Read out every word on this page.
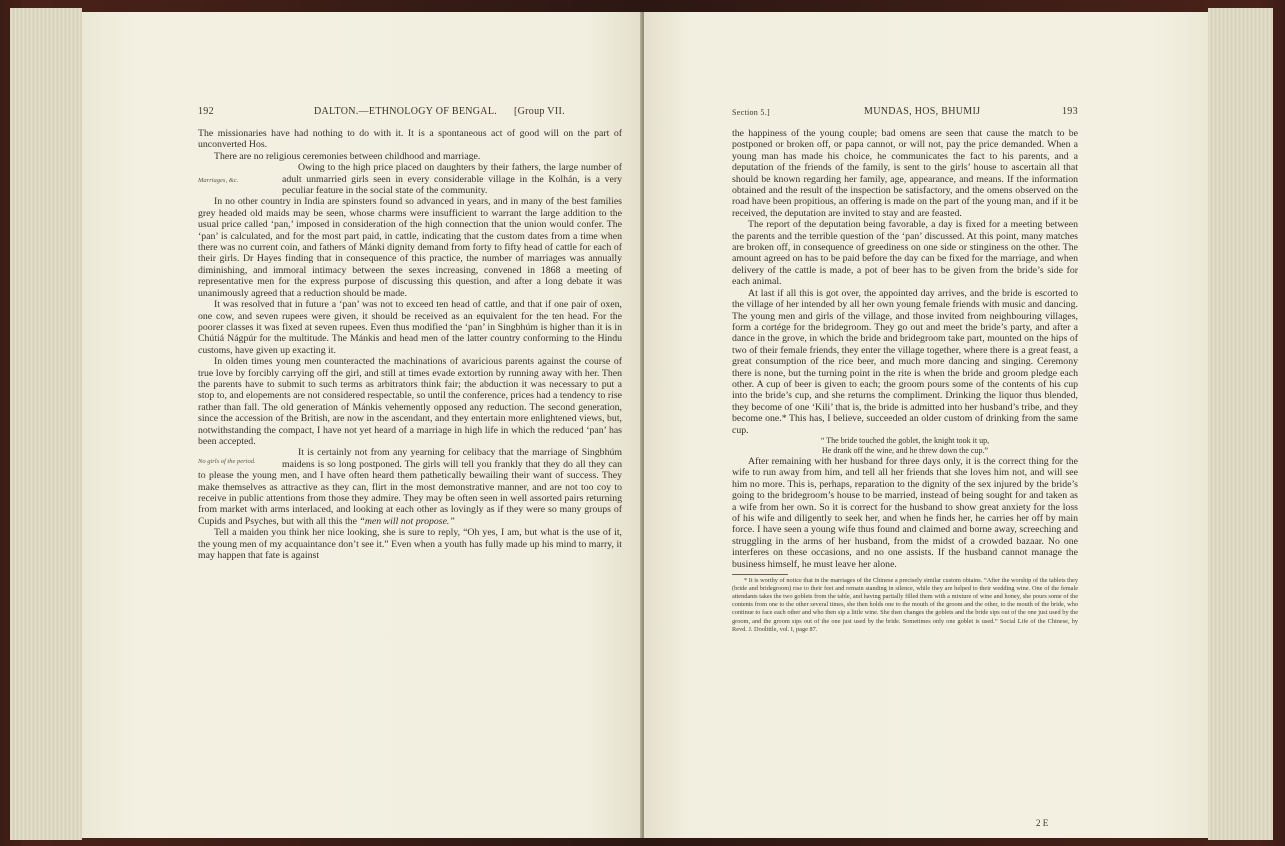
192	DALTON.—ETHNOLOGY OF BENGAL. [Group VII.

The missionaries have had nothing to do with it. It is a spontaneous act of good will on the part of unconverted Hos.

There are no religious ceremonies between childhood and marriage.

Marriages, &c.

Owing to the high price placed on daughters by their fathers, the large number of adult unmarried girls seen in every considerable village in the Kolhán, is a very peculiar feature in the social state of the community.

In no other country in India are spinsters found so advanced in years, and in many of the best families grey headed old maids may be seen, whose charms were insufficient to warrant the large addition to the usual price called ‘pan,’ imposed in consideration of the high connection that the union would confer. The ‘pan’ is calculated, and for the most part paid, in cattle, indicating that the custom dates from a time when there was no current coin, and fathers of Mánki dignity demand from forty to fifty head of cattle for each of their girls. Dr Hayes finding that in consequence of this practice, the number of marriages was annually diminishing, and immoral intimacy between the sexes increasing, convened in 1868 a meeting of representative men for the express purpose of discussing this question, and after a long debate it was unanimously agreed that a reduction should be made.

It was resolved that in future a ‘pan’ was not to exceed ten head of cattle, and that if one pair of oxen, one cow, and seven rupees were given, it should be received as an equivalent for the ten head. For the poorer classes it was fixed at seven rupees. Even thus modified the ‘pan’ in Singbhúm is higher than it is in Chútiá Nágpúr for the multitude. The Mánkis and head men of the latter country conforming to the Hindu customs, have given up exacting it.

In olden times young men counteracted the machinations of avaricious parents against the course of true love by forcibly carrying off the girl, and still at times evade extortion by running away with her. Then the parents have to submit to such terms as arbitrators think fair; the abduction it was necessary to put a stop to, and elopements are not considered respectable, so until the conference, prices had a tendency to rise rather than fall. The old generation of Mánkis vehemently opposed any reduction. The second generation, since the accession of the British, are now in the ascendant, and they entertain more enlightened views, but, notwithstanding the compact, I have not yet heard of a marriage in high life in which the reduced ‘pan’ has been accepted.

No girls of the period.

It is certainly not from any yearning for celibacy that the marriage of Singbhúm maidens is so long postponed. The girls will tell you frankly that they do all they can to please the young men, and I have often heard them pathetically bewailing their want of success. They make themselves as attractive as they can, flirt in the most demonstrative manner, and are not too coy to receive in public attentions from those they admire. They may be often seen in well assorted pairs returning from market with arms interlaced, and looking at each other as lovingly as if they were so many groups of Cupids and Psyches, but with all this the “men will not propose.”

Tell a maiden you think her nice looking, she is sure to reply, “Oh yes, I am, but what is the use of it, the young men of my acquaintance don’t see it.” Even when a youth has fully made up his mind to marry, it may happen that fate is against

Section 5.]	MUNDAS, HOS, BHUMIJ	193

the happiness of the young couple; bad omens are seen that cause the match to be postponed or broken off, or papa cannot, or will not, pay the price demanded. When a young man has made his choice, he communicates the fact to his parents, and a deputation of the friends of the family, is sent to the girls’ house to ascertain all that should be known regarding her family, age, appearance, and means. If the information obtained and the result of the inspection be satisfactory, and the omens observed on the road have been propitious, an offering is made on the part of the young man, and if it be received, the deputation are invited to stay and are feasted.

The report of the deputation being favorable, a day is fixed for a meeting between the parents and the terrible question of the ‘pan’ discussed. At this point, many matches are broken off, in consequence of greediness on one side or stinginess on the other. The amount agreed on has to be paid before the day can be fixed for the marriage, and when delivery of the cattle is made, a pot of beer has to be given from the bride’s side for each animal.

At last if all this is got over, the appointed day arrives, and the bride is escorted to the village of her intended by all her own young female friends with music and dancing. The young men and girls of the village, and those invited from neighbouring villages, form a cortége for the bridegroom. They go out and meet the bride’s party, and after a dance in the grove, in which the bride and bridegroom take part, mounted on the hips of two of their female friends, they enter the village together, where there is a great feast, a great consumption of the rice beer, and much more dancing and singing. Ceremony there is none, but the turning point in the rite is when the bride and groom pledge each other. A cup of beer is given to each; the groom pours some of the contents of his cup into the bride’s cup, and she returns the compliment. Drinking the liquor thus blended, they become of one ‘Kili’ that is, the bride is admitted into her husband’s tribe, and they become one.* This has, I believe, succeeded an older custom of drinking from the same cup.

“ The bride touched the goblet, the knight took it up,

He drank off the wine, and he threw down the cup.”

After remaining with her husband for three days only, it is the correct thing for the wife to run away from him, and tell all her friends that she loves him not, and will see him no more. This is, perhaps, reparation to the dignity of the sex injured by the bride’s going to the bridegroom’s house to be married, instead of being sought for and taken as a wife from her own. So it is correct for the husband to show great anxiety for the loss of his wife and diligently to seek her, and when he finds her, he carries her off by main force. I have seen a young wife thus found and claimed and borne away, screeching and struggling in the arms of her husband, from the midst of a crowded bazaar. No one interferes on these occasions, and no one assists. If the husband cannot manage the business himself, he must leave her alone.

* It is worthy of notice that in the marriages of the Chinese a precisely similar custom obtains. “After the worship of the tablets they (bride and bridegroom) rise to their feet and remain standing in silence, while they are helped to their wedding wine. One of the female attendants takes the two goblets from the table, and having partially filled them with a mixture of wine and honey, she pours some of the contents from one to the other several times, she then holds one to the mouth of the groom and the other, to the mouth of the bride, who continue to face each other and who then sip a little wine. She then changes the goblets and the bride sips out of the one just used by the groom, and the groom sips out of the one just used by the bride. Sometimes only one goblet is used.” Social Life of the Chinese, by Revd. J. Doolittle, vol. I, page 87.

2 E
